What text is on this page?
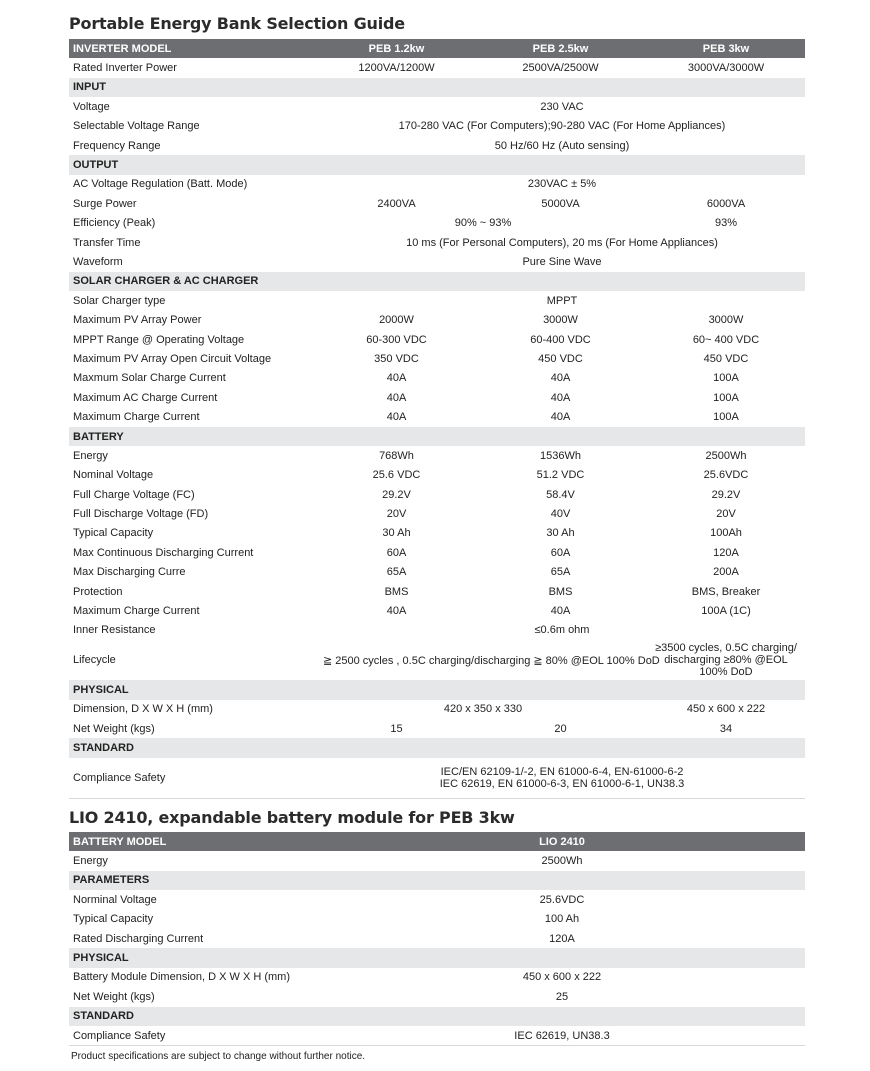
Portable Energy Bank Selection Guide
INVERTER MODEL	PEB 1.2kw	PEB 2.5kw	PEB 3kw
Rated Inverter Power	1200VA/1200W	2500VA/2500W	3000VA/3000W
INPUT			
Voltage	230 VAC		
Selectable Voltage Range	170-280 VAC (For Computers);90-280 VAC (For Home Appliances)		
Frequency Range	50 Hz/60 Hz (Auto sensing)		
OUTPUT			
AC Voltage Regulation (Batt. Mode)	230VAC ± 5%		
Surge Power	2400VA	5000VA	6000VA
Efficiency (Peak)	90% ~ 93%		93%
Transfer Time	10 ms (For Personal Computers), 20 ms (For Home Appliances)		
Waveform	Pure Sine Wave		
SOLAR CHARGER & AC CHARGER			
Solar Charger type	MPPT		
Maximum PV Array Power	2000W	3000W	3000W
MPPT Range @ Operating Voltage	60-300 VDC	60-400 VDC	60~ 400 VDC
Maximum PV Array Open Circuit Voltage	350 VDC	450 VDC	450 VDC
Maxmum Solar Charge Current	40A	40A	100A
Maximum AC Charge Current	40A	40A	100A
Maximum Charge Current	40A	40A	100A
BATTERY			
Energy	768Wh	1536Wh	2500Wh
Nominal Voltage	25.6 VDC	51.2 VDC	25.6VDC
Full Charge Voltage (FC)	29.2V	58.4V	29.2V
Full Discharge Voltage (FD)	20V	40V	20V
Typical Capacity	30 Ah	30 Ah	100Ah
Max Continuous Discharging Current	60A	60A	120A
Max Discharging Curre	65A	65A	200A
Protection	BMS	BMS	BMS, Breaker
Maximum Charge Current	40A	40A	100A (1C)
Inner Resistance	≤0.6m ohm		
Lifecycle	≧ 2500 cycles , 0.5C charging/discharging ≧ 80% @EOL 100% DoD		≥3500 cycles, 0.5C charging/ discharging ≥80% @EOL 100% DoD
PHYSICAL			
Dimension, D X W X H (mm)	420 x 350 x 330		450 x 600 x 222
Net Weight (kgs)	15	20	34
STANDARD			
Compliance Safety	IEC/EN 62109-1/-2, EN 61000-6-4, EN-61000-6-2
IEC 62619, EN 61000-6-3, EN 61000-6-1, UN38.3		
LIO 2410, expandable battery module for PEB 3kw
BATTERY MODEL	LIO 2410
Energy	2500Wh
PARAMETERS	
Norminal Voltage	25.6VDC
Typical Capacity	100 Ah
Rated Discharging Current	120A
PHYSICAL	
Battery Module Dimension, D X W X H (mm)	450 x 600 x 222
Net Weight (kgs)	25
STANDARD	
Compliance Safety	IEC 62619, UN38.3
Product specifications are subject to change without further notice.
